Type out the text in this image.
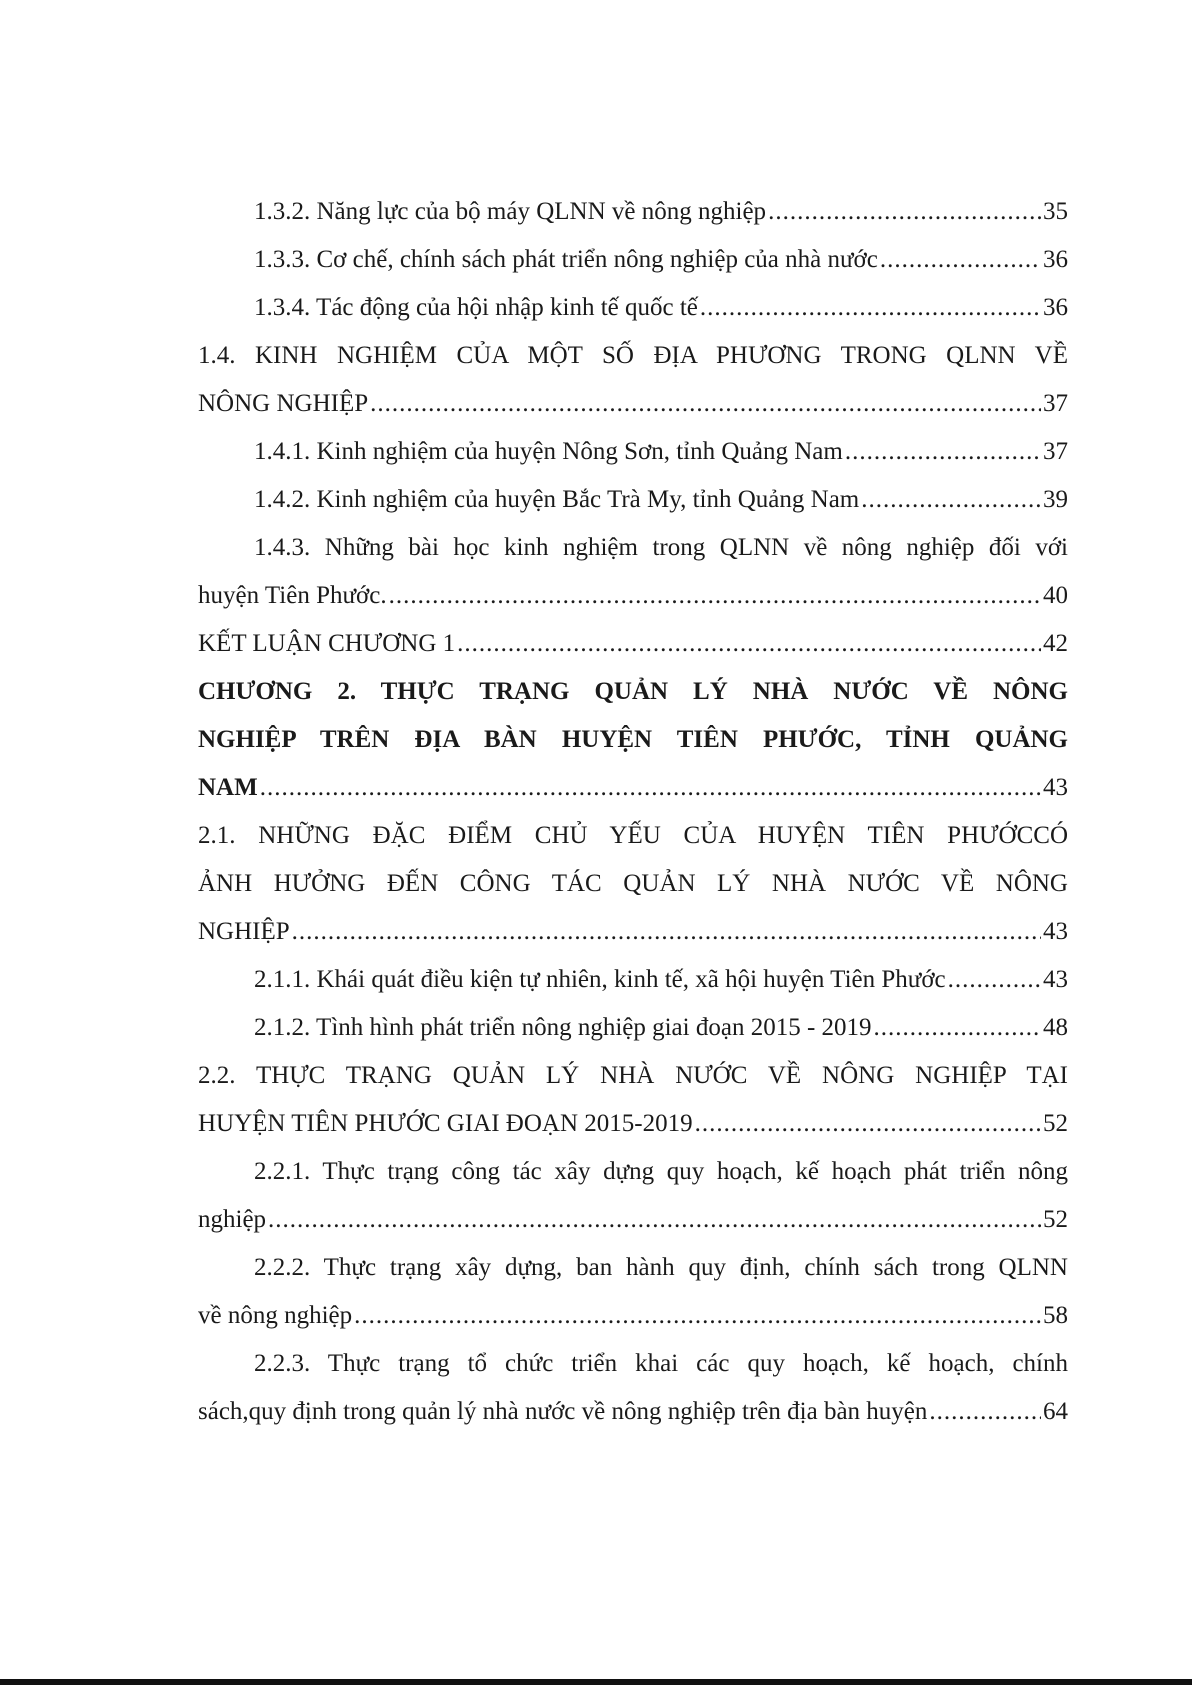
1.3.2. Năng lực của bộ máy QLNN về nông nghiệp .....	35
1.3.3. Cơ chế, chính sách phát triển nông nghiệp của nhà nước .....	36
1.3.4. Tác động của hội nhập kinh tế quốc tế .....	36
1.4. KINH NGHIỆM CỦA MỘT SỐ ĐỊA PHƯƠNG TRONG QLNN VỀ
NÔNG NGHIỆP .....	37
1.4.1. Kinh nghiệm của huyện Nông Sơn, tỉnh Quảng Nam .....	37
1.4.2. Kinh nghiệm của huyện Bắc Trà My, tỉnh Quảng Nam .....	39
1.4.3. Những bài học kinh nghiệm trong QLNN về nông nghiệp đối với
huyện Tiên Phước. .....	40
KẾT LUẬN CHƯƠNG 1 .....	42
CHƯƠNG 2. THỰC TRẠNG QUẢN LÝ NHÀ NƯỚC VỀ NÔNG
NGHIỆP TRÊN ĐỊA BÀN HUYỆN TIÊN PHƯỚC, TỈNH QUẢNG
NAM .....	43
2.1. NHỮNG ĐẶC ĐIỂM CHỦ YẾU CỦA HUYỆN TIÊN PHƯỚCCÓ
ẢNH HƯỞNG ĐẾN CÔNG TÁC QUẢN LÝ NHÀ NƯỚC VỀ NÔNG
NGHIỆP .....	43
2.1.1. Khái quát điều kiện tự nhiên, kinh tế, xã hội huyện Tiên Phước .....	43
2.1.2. Tình hình phát triển nông nghiệp giai đoạn 2015 - 2019 .....	48
2.2. THỰC TRẠNG QUẢN LÝ NHÀ NƯỚC VỀ NÔNG NGHIỆP TẠI
HUYỆN TIÊN PHƯỚC GIAI ĐOẠN 2015-2019 .....	52
2.2.1. Thực trạng công tác xây dựng quy hoạch, kế hoạch phát triển nông
nghiệp .....	52
2.2.2. Thực trạng xây dựng, ban hành quy định, chính sách trong QLNN
về nông nghiệp .....	58
2.2.3. Thực trạng tổ chức triển khai các quy hoạch, kế hoạch, chính
sách,quy định trong quản lý nhà nước về nông nghiệp trên địa bàn huyện .....	64
